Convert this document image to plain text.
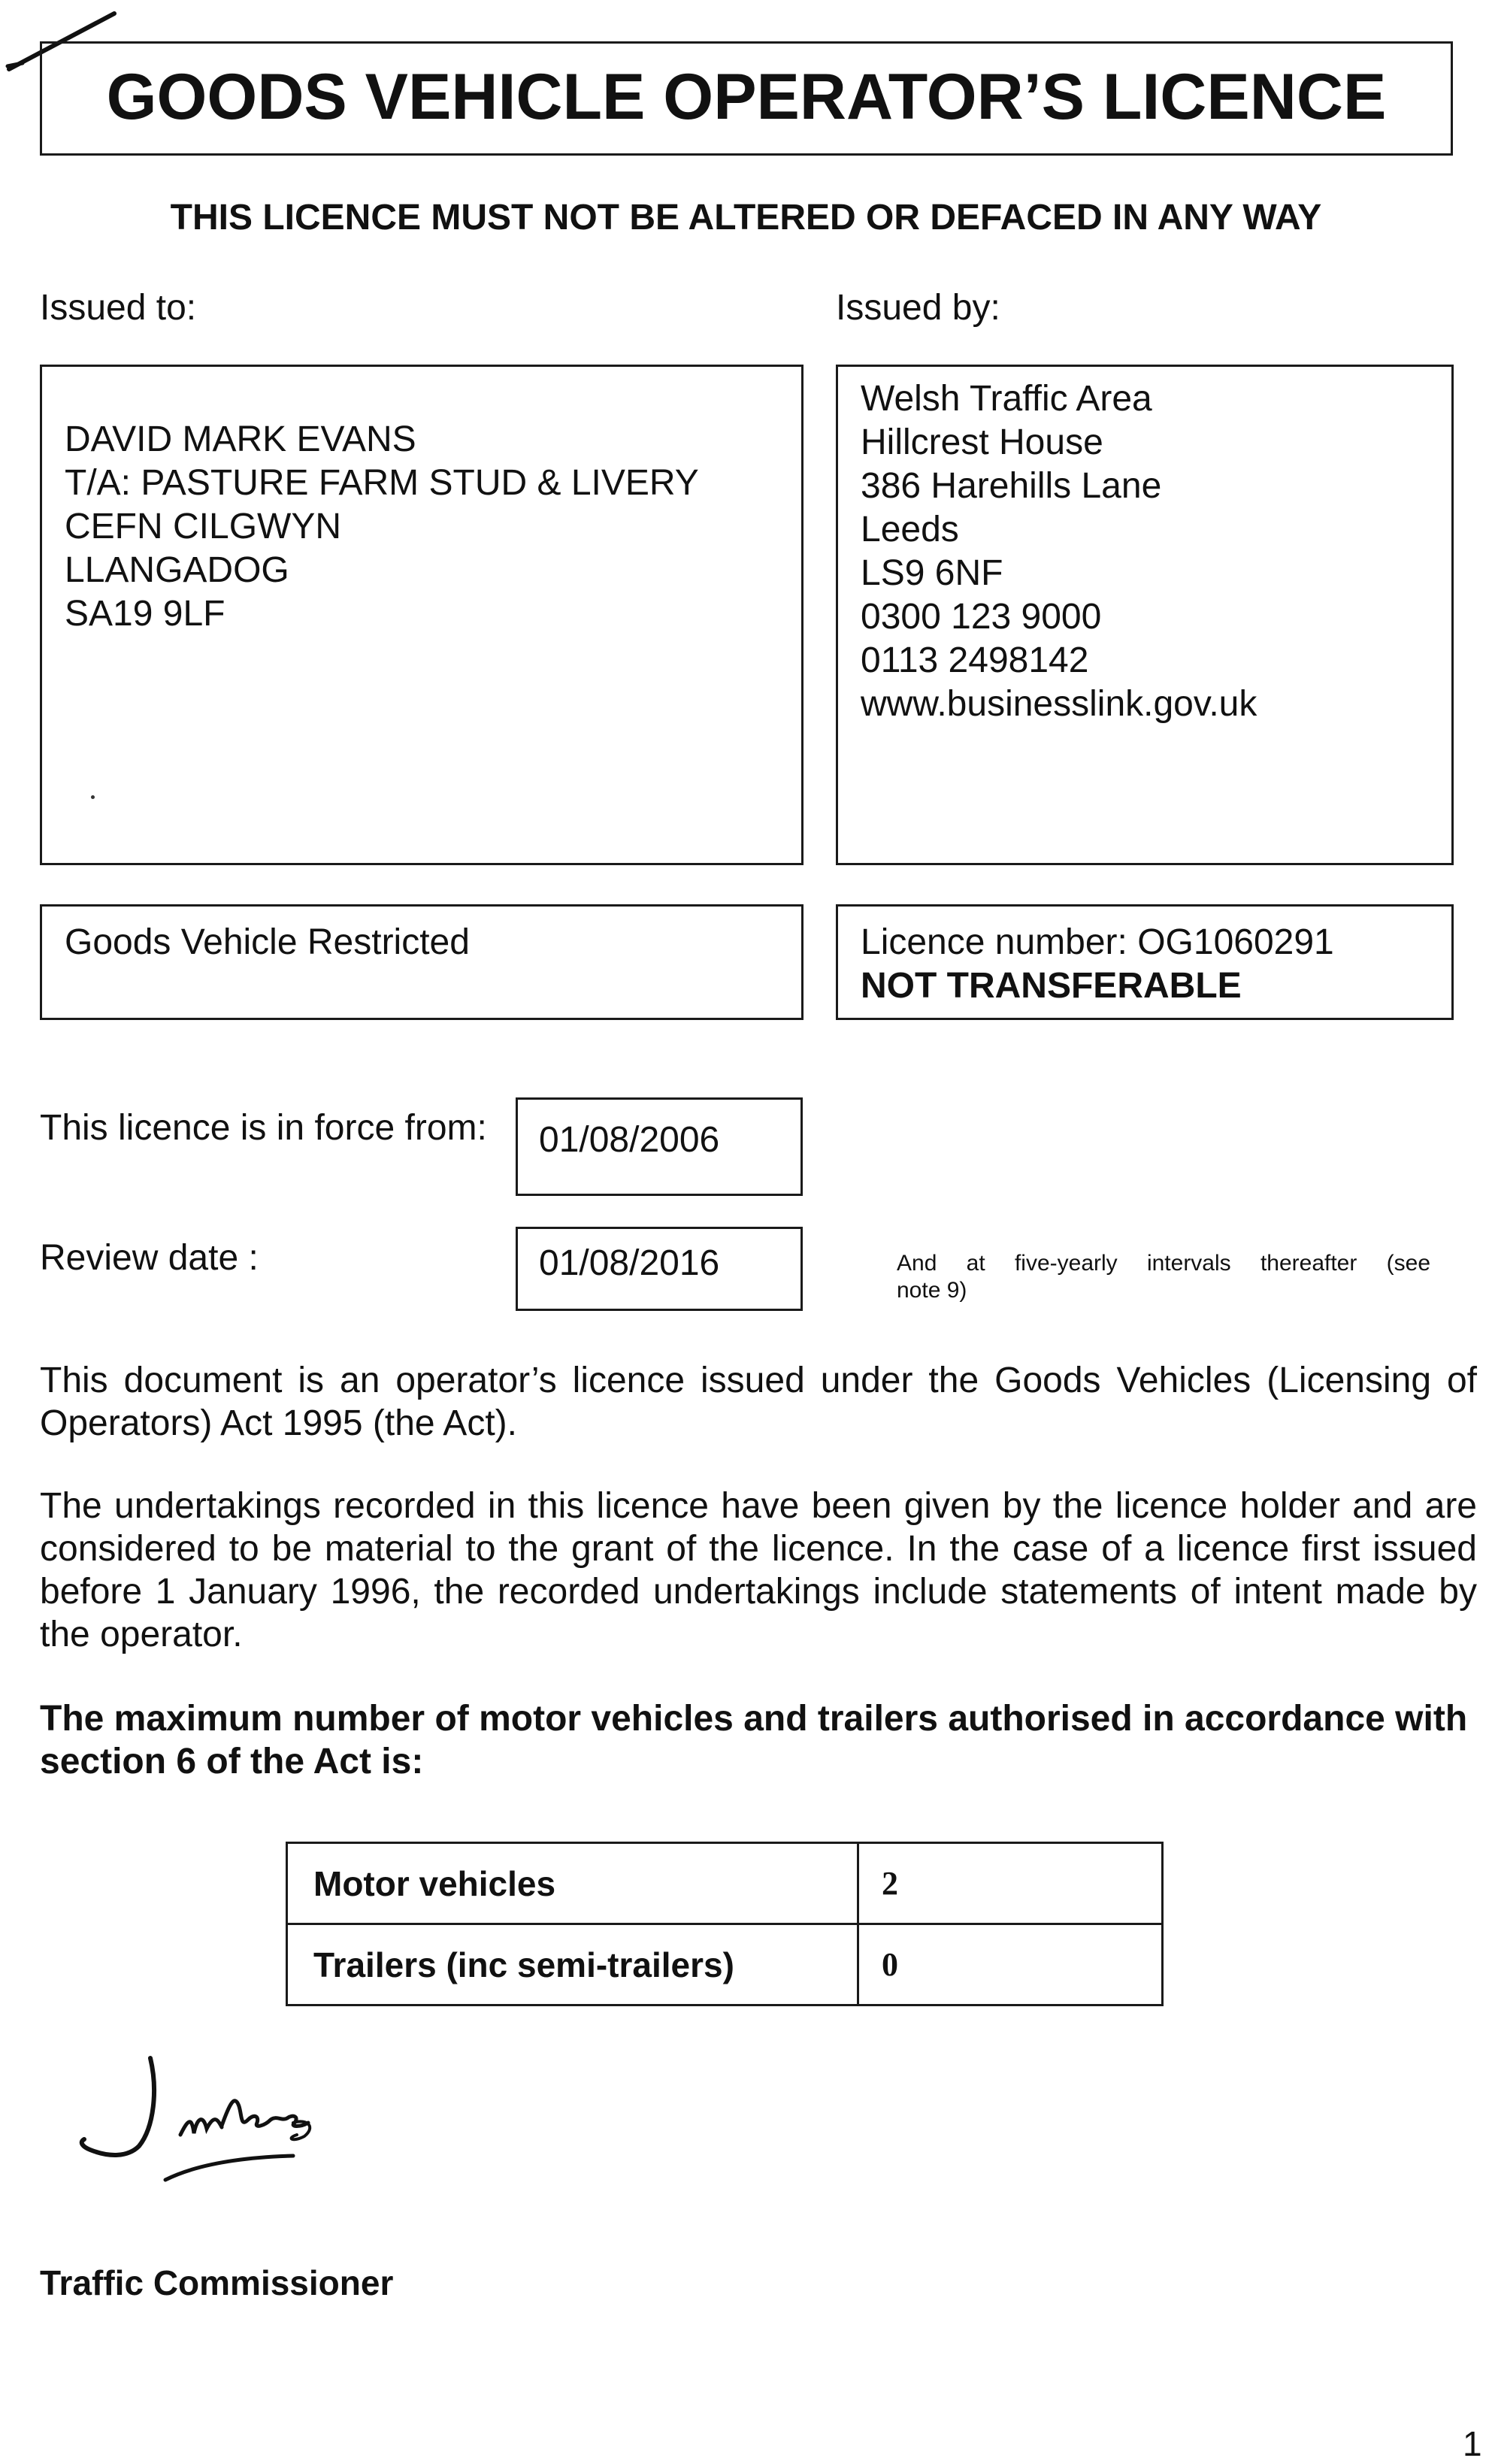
GOODS VEHICLE OPERATOR’S LICENCE
THIS LICENCE MUST NOT BE ALTERED OR DEFACED IN ANY WAY
Issued to:	Issued by:
DAVID MARK EVANS
T/A: PASTURE FARM STUD & LIVERY
CEFN CILGWYN
LLANGADOG
SA19 9LF
Welsh Traffic Area
Hillcrest House
386 Harehills Lane
Leeds
LS9 6NF
0300 123 9000
0113 2498142
www.businesslink.gov.uk
Goods Vehicle Restricted	Licence number: OG1060291
NOT TRANSFERABLE
This licence is in force from: 01/08/2006
Review date :	01/08/2016	And at five-yearly intervals thereafter (see
note 9)
This document is an operator’s licence issued under the Goods Vehicles (Licensing of Operators) Act 1995 (the Act).
The undertakings recorded in this licence have been given by the licence holder and are considered to be material to the grant of the licence. In the case of a licence first issued before 1 January 1996, the recorded undertakings include statements of intent made by the operator.
The maximum number of motor vehicles and trailers authorised in accordance with section 6 of the Act is:
Motor vehicles	2
Trailers (inc semi-trailers)	0
Traffic Commissioner
1
